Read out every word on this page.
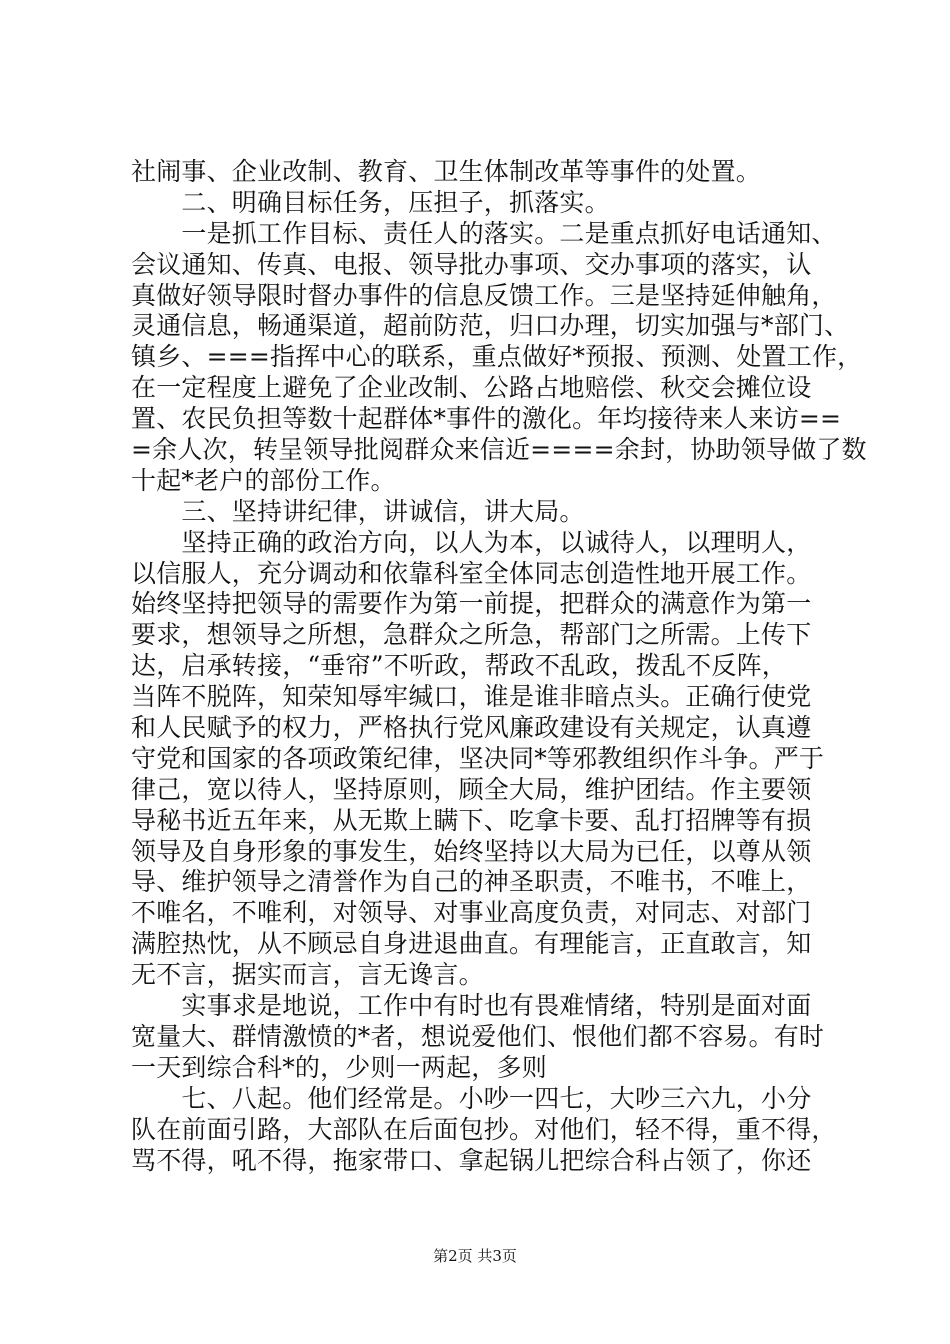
社闹事、企业改制、教育、卫生体制改革等事件的处置。
　　二、明确目标任务，压担子，抓落实。
　　一是抓工作目标、责任人的落实。二是重点抓好电话通知、
会议通知、传真、电报、领导批办事项、交办事项的落实，认
真做好领导限时督办事件的信息反馈工作。三是坚持延伸触角，
灵通信息，畅通渠道，超前防范，归口办理，切实加强与*部门、
镇乡、===指挥中心的联系，重点做好*预报、预测、处置工作，
在一定程度上避免了企业改制、公路占地赔偿、秋交会摊位设
置、农民负担等数十起群体*事件的激化。年均接待来人来访==
=余人次，转呈领导批阅群众来信近====余封，协助领导做了数
十起*老户的部份工作。
　　三、坚持讲纪律，讲诚信，讲大局。
　　坚持正确的政治方向，以人为本，以诚待人，以理明人，
以信服人，充分调动和依靠科室全体同志创造性地开展工作。
始终坚持把领导的需要作为第一前提，把群众的满意作为第一
要求，想领导之所想，急群众之所急，帮部门之所需。上传下
达，启承转接，“垂帘”不听政，帮政不乱政，拨乱不反阵，
当阵不脱阵，知荣知辱牢缄口，谁是谁非暗点头。正确行使党
和人民赋予的权力，严格执行党风廉政建设有关规定，认真遵
守党和国家的各项政策纪律，坚决同*等邪教组织作斗争。严于
律己，宽以待人，坚持原则，顾全大局，维护团结。作主要领
导秘书近五年来，从无欺上瞒下、吃拿卡要、乱打招牌等有损
领导及自身形象的事发生，始终坚持以大局为已任，以尊从领
导、维护领导之清誉作为自己的神圣职责，不唯书，不唯上，
不唯名，不唯利，对领导、对事业高度负责，对同志、对部门
满腔热忱，从不顾忌自身进退曲直。有理能言，正直敢言，知
无不言，据实而言，言无谗言。
　　实事求是地说，工作中有时也有畏难情绪，特别是面对面
宽量大、群情激愤的*者，想说爱他们、恨他们都不容易。有时
一天到综合科*的，少则一两起，多则
　　七、八起。他们经常是。小吵一四七，大吵三六九，小分
队在前面引路，大部队在后面包抄。对他们，轻不得，重不得，
骂不得，吼不得，拖家带口、拿起锅儿把综合科占领了，你还
第2页 共3页
